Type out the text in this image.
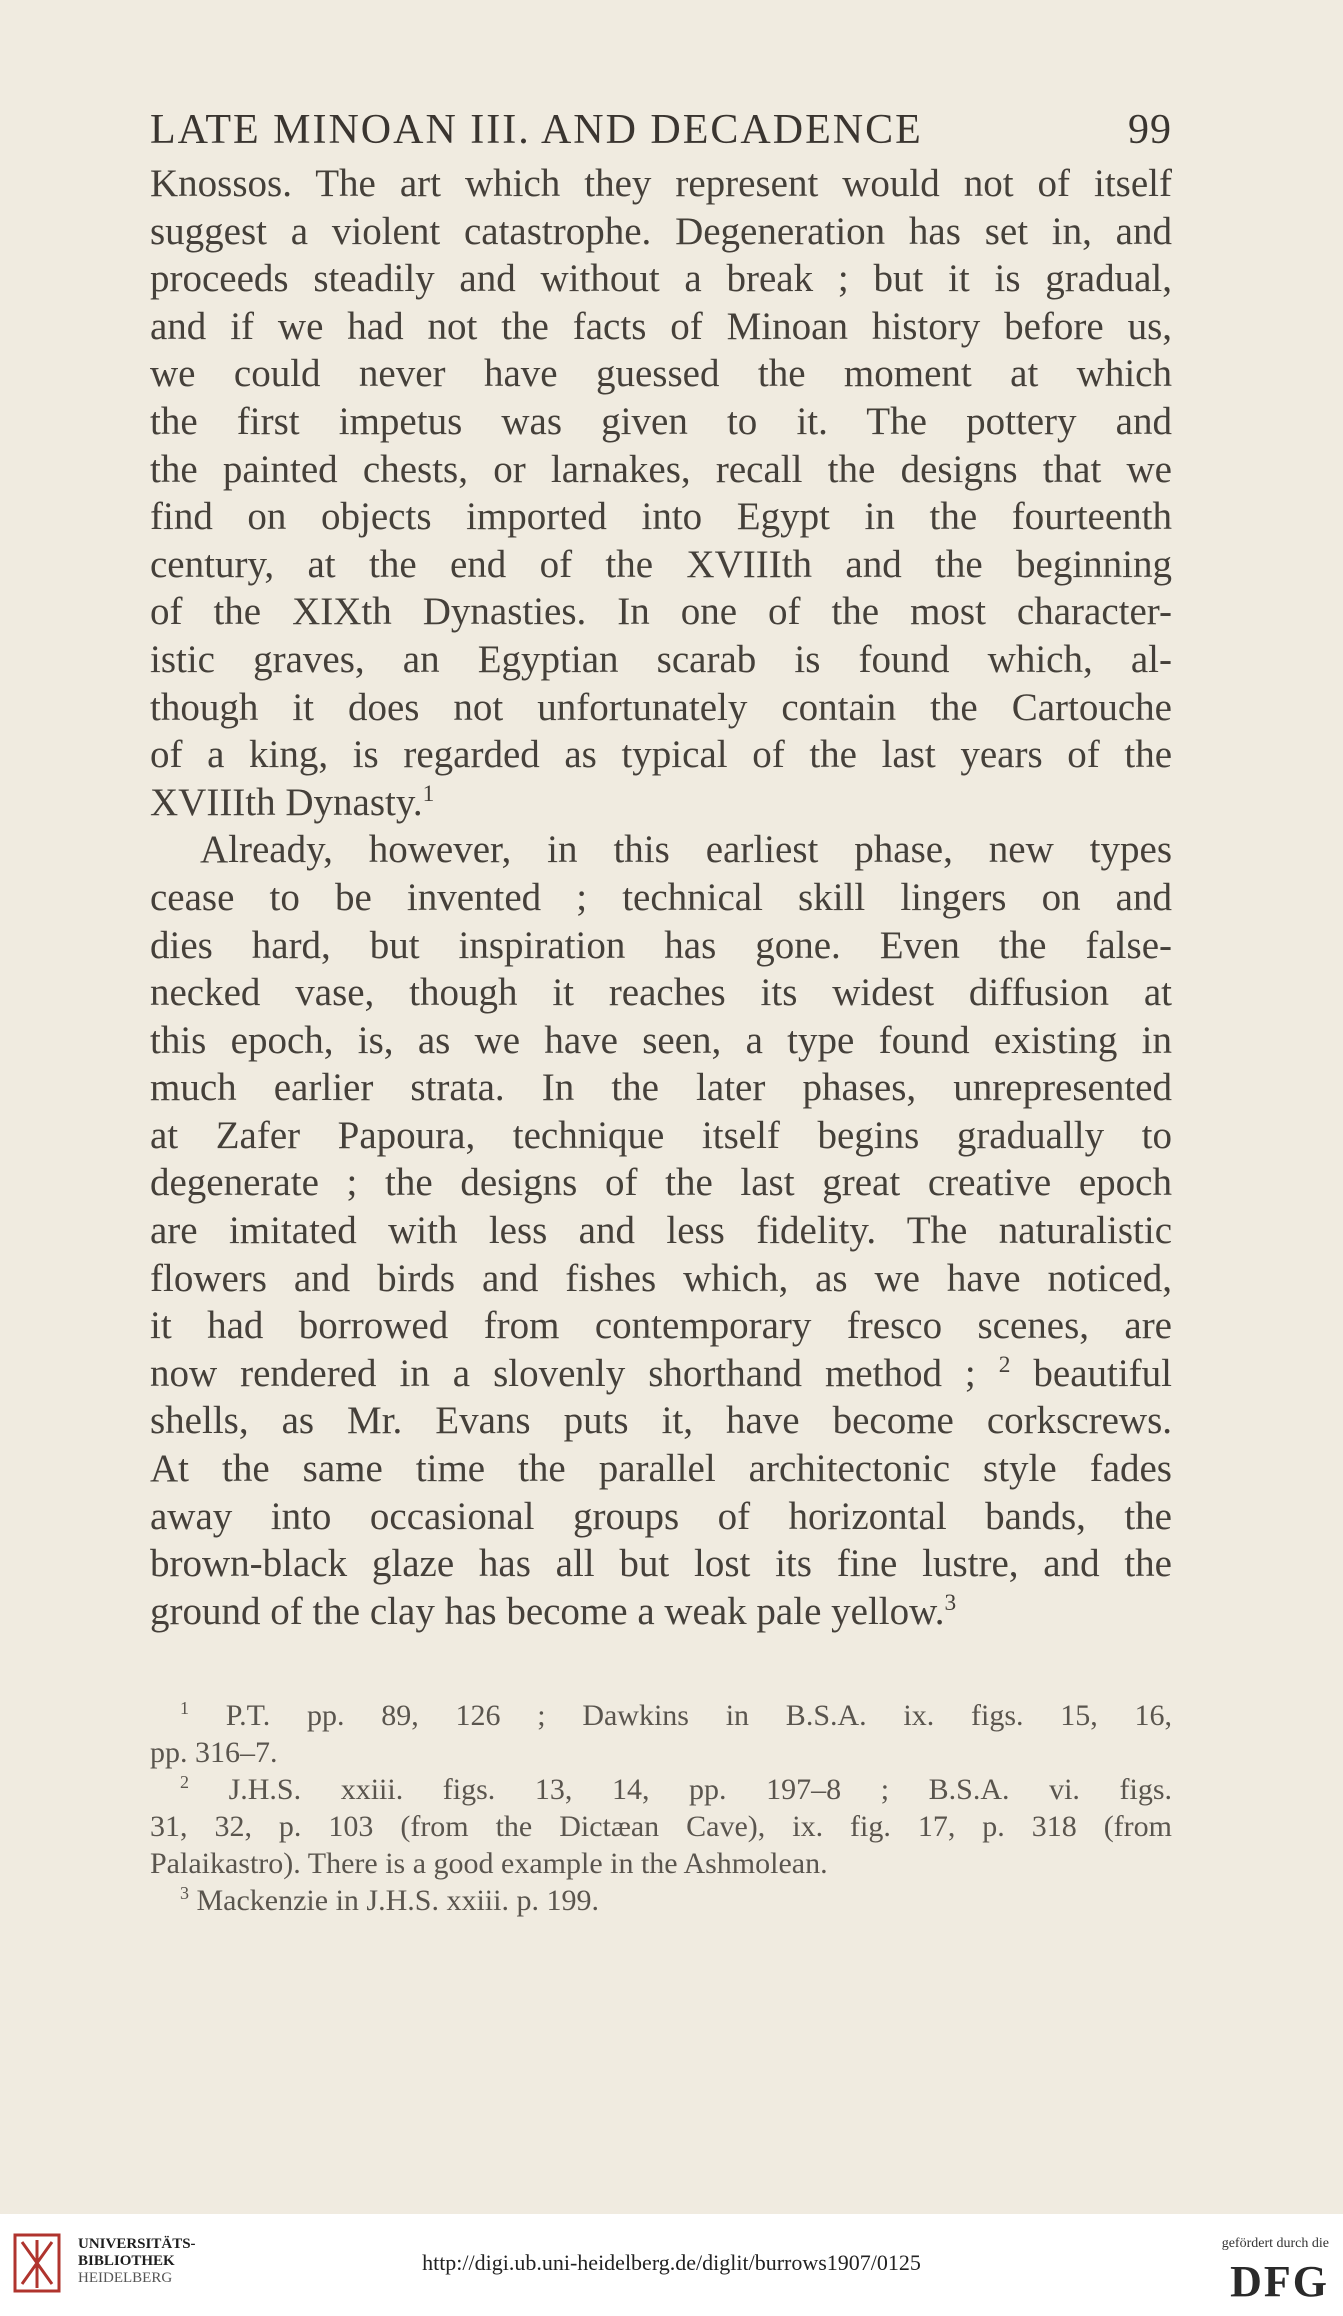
LATE MINOAN III. AND DECADENCE	99

Knossos. The art which they represent would not of itself

suggest a violent catastrophe. Degeneration has set in, and

proceeds steadily and without a break ; but it is gradual,

and if we had not the facts of Minoan history before us,

we could never have guessed the moment at which

the first impetus was given to it. The pottery and

the painted chests, or larnakes, recall the designs that we

find on objects imported into Egypt in the fourteenth

century, at the end of the XVIIIth and the beginning

of the XIXth Dynasties. In one of the most character-

istic graves, an Egyptian scarab is found which, al-

though it does not unfortunately contain the Cartouche

of a king, is regarded as typical of the last years of the

XVIIIth Dynasty.$^1$

Already, however, in this earliest phase, new types

cease to be invented ; technical skill lingers on and

dies hard, but inspiration has gone. Even the false-

necked vase, though it reaches its widest diffusion at

this epoch, is, as we have seen, a type found existing in

much earlier strata. In the later phases, unrepresented

at Zafer Papoura, technique itself begins gradually to

degenerate ; the designs of the last great creative epoch

are imitated with less and less fidelity. The naturalistic

flowers and birds and fishes which, as we have noticed,

it had borrowed from contemporary fresco scenes, are

now rendered in a slovenly shorthand method ; $^2$ beautiful

shells, as Mr. Evans puts it, have become corkscrews.

At the same time the parallel architectonic style fades

away into occasional groups of horizontal bands, the

brown-black glaze has all but lost its fine lustre, and the

ground of the clay has become a weak pale yellow.$^3$

$^1$ P.T. pp. 89, 126 ; Dawkins in B.S.A. ix. figs. 15, 16,

pp. 316–7.

$^2$ J.H.S. xxiii. figs. 13, 14, pp. 197–8 ; B.S.A. vi. figs.

31, 32, p. 103 (from the Dictæan Cave), ix. fig. 17, p. 318 (from

Palaikastro). There is a good example in the Ashmolean.

$^3$ Mackenzie in J.H.S. xxiii. p. 199.

UNIVERSITÄTS-
BIBLIOTHEK
HEIDELBERG
http://digi.ub.uni-heidelberg.de/diglit/burrows1907/0125
gefördert durch die
DFG
